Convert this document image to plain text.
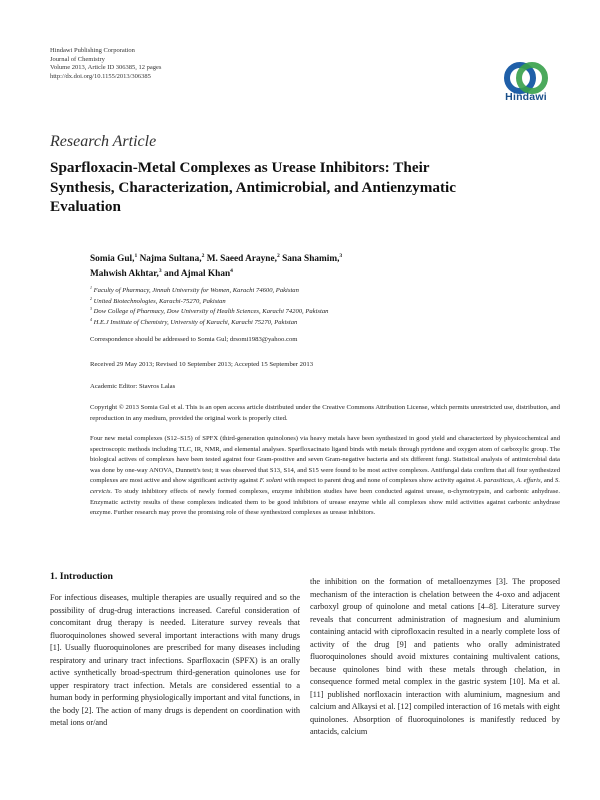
Hindawi Publishing Corporation
Journal of Chemistry
Volume 2013, Article ID 306385, 12 pages
http://dx.doi.org/10.1155/2013/306385
Hindawi
Research Article
Sparfloxacin-Metal Complexes as Urease Inhibitors: Their Synthesis, Characterization, Antimicrobial, and Antienzymatic Evaluation
Somia Gul,$^1$ Najma Sultana,$^2$ M. Saeed Arayne,$^2$ Sana Shamim,$^3$
Mahwish Akhtar,$^3$ and Ajmal Khan$^4$
$^1$ Faculty of Pharmacy, Jinnah University for Women, Karachi 74600, Pakistan
$^2$ United Biotechnologies, Karachi-75270, Pakistan
$^3$ Dow College of Pharmacy, Dow University of Health Sciences, Karachi 74200, Pakistan
$^4$ H.E.J Institute of Chemistry, University of Karachi, Karachi 75270, Pakistan
Correspondence should be addressed to Somia Gul; drsomi1983@yahoo.com
Received 29 May 2013; Revised 10 September 2013; Accepted 15 September 2013
Academic Editor: Stavros Lalas
Copyright © 2013 Somia Gul et al. This is an open access article distributed under the Creative Commons Attribution License, which permits unrestricted use, distribution, and reproduction in any medium, provided the original work is properly cited.
Four new metal complexes (S12–S15) of SPFX (third-generation quinolones) via heavy metals have been synthesized in good yield and characterized by physicochemical and spectroscopic methods including TLC, IR, NMR, and elemental analyses. Sparfloxacinato ligand binds with metals through pyridone and oxygen atom of carboxylic group. The biological actives of complexes have been tested against four Gram-positive and seven Gram-negative bacteria and six different fungi. Statistical analysis of antimicrobial data was done by one-way ANOVA, Dunnett's test; it was observed that S13, S14, and S15 were found to be most active complexes. Antifungal data confirm that all four synthesized complexes are most active and show significant activity against F. solani with respect to parent drug and none of complexes show activity against A. parasiticus, A. effuris, and S. cervicis. To study inhibitory effects of newly formed complexes, enzyme inhibition studies have been conducted against urease, α-chymotrypsin, and carbonic anhydrase. Enzymatic activity results of these complexes indicated them to be good inhibitors of urease enzyme while all complexes show mild activities against carbonic anhydrase enzyme. Further research may prove the promising role of these synthesized complexes as urease inhibitors.
1. Introduction
For infectious diseases, multiple therapies are usually required and so the possibility of drug-drug interactions increased. Careful consideration of concomitant drug therapy is needed. Literature survey reveals that fluoroquinolones showed several important interactions with many drugs [1]. Usually fluoroquinolones are prescribed for many diseases including respiratory and urinary tract infections. Sparfloxacin (SPFX) is an orally active synthetically broad-spectrum third-generation quinolones use for upper respiratory tract infection. Metals are considered essential to a human body in performing physiologically important and vital functions, in the body [2]. The action of many drugs is dependent on coordination with metal ions or/and
the inhibition on the formation of metalloenzymes [3]. The proposed mechanism of the interaction is chelation between the 4-oxo and adjacent carboxyl group of quinolone and metal cations [4–8]. Literature survey reveals that concurrent administration of magnesium and aluminium containing antacid with ciprofloxacin resulted in a nearly complete loss of activity of the drug [9] and patients who orally administrated fluoroquinolones should avoid mixtures containing multivalent cations, because quinolones bind with these metals through chelation, in consequence formed metal complex in the gastric system [10]. Ma et al. [11] published norfloxacin interaction with aluminium, magnesium and calcium and Alkaysi et al. [12] compiled interaction of 16 metals with eight quinolones. Absorption of fluoroquinolones is manifestly reduced by antacids, calcium
